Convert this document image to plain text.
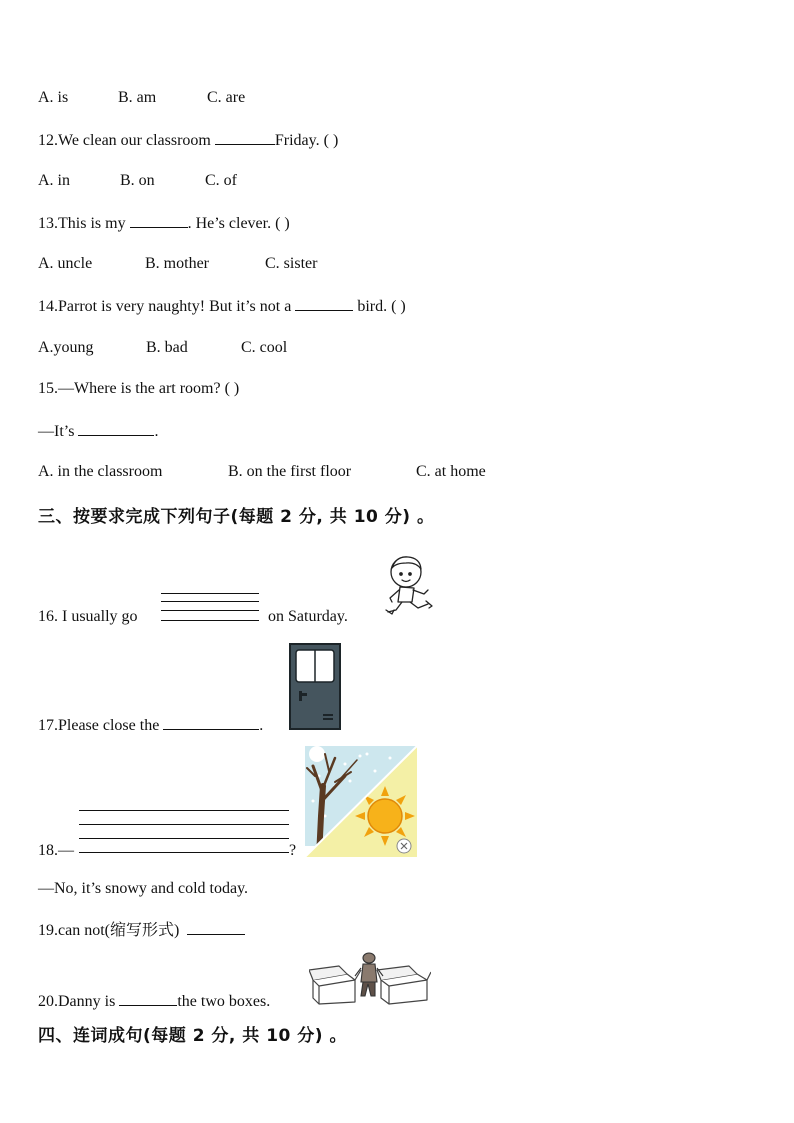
A. is	B. am	C. are
12.We clean our classroom	Friday. ( )
A. in	B. on	C. of
13.This is my	. He’s clever. ( )
A. uncle	B. mother	C. sister
14.Parrot is very naughty! But it’s not a	bird. ( )
A.young	B. bad	C. cool
15.—Where is the art room? ( )
—It’s	.
A. in the classroom	B. on the first floor	C. at home
三、按要求完成下列句子(每题 2 分, 共 10 分) 。
16. I usually go	on Saturday.
17.Please close the	.
18.—	?
—No, it’s snowy and cold today.
19.can not(缩写形式)
20.Danny is	the two boxes.
四、连词成句(每题 2 分, 共 10 分) 。
